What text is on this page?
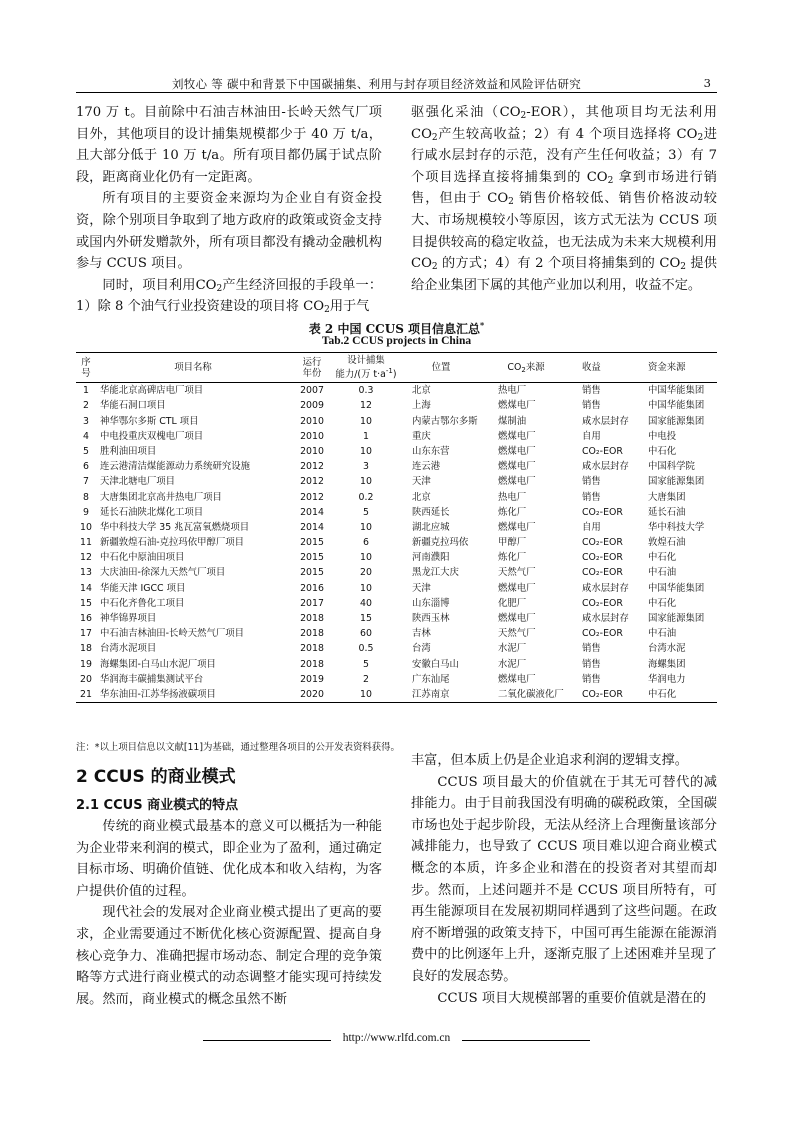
刘牧心 等 碳中和背景下中国碳捕集、利用与封存项目经济效益和风险评估研究	3

170 万 t。目前除中石油吉林油田-长岭天然气厂项目外，其他项目的设计捕集规模都少于 40 万 t/a，且大部分低于 10 万 t/a。所有项目都仍属于试点阶段，距离商业化仍有一定距离。

所有项目的主要资金来源均为企业自有资金投资，除个别项目争取到了地方政府的政策或资金支持或国内外研发赠款外，所有项目都没有撬动金融机构参与 CCUS 项目。

同时，项目利用$CO_2$产生经济回报的手段单一：1）除 8 个油气行业投资建设的项目将 $CO_2$用于气

驱强化采油$(CO_2-EOR)$，其他项目均无法利用 $CO_2$产生较高收益；2）有 4 个项目选择将 $CO_2$进行咸水层封存的示范，没有产生任何收益；3）有 7 个项目选择直接将捕集到的 $CO_2$ 拿到市场进行销售，但由于 $CO_2$ 销售价格较低、销售价格波动较大、市场规模较小等原因，该方式无法为 CCUS 项目提供较高的稳定收益，也无法成为未来大规模利用 $CO_2$ 的方式；4）有 2 个项目将捕集到的 $CO_2$ 提供给企业集团下属的其他产业加以利用，收益不定。

表 2 中国 CCUS 项目信息汇总*
Tab.2 CCUS projects in China
序
号	项目名称	运行
年份	设计捕集
能力/(万 $t\cdot a^{-1}$)	位置	$CO_2$来源	收益	资金来源
1	华能北京高碑店电厂项目	2007	0.3	北京	热电厂	销售	中国华能集团
2	华能石洞口项目	2009	12	上海	燃煤电厂	销售	中国华能集团
3	神华鄂尔多斯 CTL 项目	2010	10	内蒙古鄂尔多斯	煤制油	咸水层封存	国家能源集团
4	中电投重庆双槐电厂项目	2010	1	重庆	燃煤电厂	自用	中电投
5	胜利油田项目	2010	10	山东东营	燃煤电厂	CO₂-EOR	中石化
6	连云港清洁煤能源动力系统研究设施	2012	3	连云港	燃煤电厂	咸水层封存	中国科学院
7	天津北塘电厂项目	2012	10	天津	燃煤电厂	销售	国家能源集团
8	大唐集团北京高井热电厂项目	2012	0.2	北京	热电厂	销售	大唐集团
9	延长石油陕北煤化工项目	2014	5	陕西延长	炼化厂	CO₂-EOR	延长石油
10	华中科技大学 35 兆瓦富氧燃烧项目	2014	10	湖北应城	燃煤电厂	自用	华中科技大学
11	新疆敦煌石油-克拉玛依甲醇厂项目	2015	6	新疆克拉玛依	甲醇厂	CO₂-EOR	敦煌石油
12	中石化中原油田项目	2015	10	河南濮阳	炼化厂	CO₂-EOR	中石化
13	大庆油田-徐深九天然气厂项目	2015	20	黑龙江大庆	天然气厂	CO₂-EOR	中石油
14	华能天津 IGCC 项目	2016	10	天津	燃煤电厂	咸水层封存	中国华能集团
15	中石化齐鲁化工项目	2017	40	山东淄博	化肥厂	CO₂-EOR	中石化
16	神华锦界项目	2018	15	陕西玉林	燃煤电厂	咸水层封存	国家能源集团
17	中石油吉林油田-长岭天然气厂项目	2018	60	吉林	天然气厂	CO₂-EOR	中石油
18	台湾水泥项目	2018	0.5	台湾	水泥厂	销售	台湾水泥
19	海螺集团-白马山水泥厂项目	2018	5	安徽白马山	水泥厂	销售	海螺集团
20	华润海丰碳捕集测试平台	2019	2	广东汕尾	燃煤电厂	销售	华润电力
21	华东油田-江苏华扬液碳项目	2020	10	江苏南京	二氧化碳液化厂	CO₂-EOR	中石化
注：*以上项目信息以文献[11]为基础，通过整理各项目的公开发表资料获得。
2 CCUS 的商业模式
2.1 CCUS 商业模式的特点

传统的商业模式最基本的意义可以概括为一种能为企业带来利润的模式，即企业为了盈利，通过确定目标市场、明确价值链、优化成本和收入结构，为客户提供价值的过程。

现代社会的发展对企业商业模式提出了更高的要求，企业需要通过不断优化核心资源配置、提高自身核心竞争力、准确把握市场动态、制定合理的竞争策略等方式进行商业模式的动态调整才能实现可持续发展。然而，商业模式的概念虽然不断

丰富，但本质上仍是企业追求利润的逻辑支撑。

CCUS 项目最大的价值就在于其无可替代的减排能力。由于目前我国没有明确的碳税政策，全国碳市场也处于起步阶段，无法从经济上合理衡量该部分减排能力，也导致了 CCUS 项目难以迎合商业模式概念的本质，许多企业和潜在的投资者对其望而却步。然而，上述问题并不是 CCUS 项目所特有，可再生能源项目在发展初期同样遇到了这些问题。在政府不断增强的政策支持下，中国可再生能源在能源消费中的比例逐年上升，逐渐克服了上述困难并呈现了良好的发展态势。

CCUS 项目大规模部署的重要价值就是潜在的

http://www.rlfd.com.cn
